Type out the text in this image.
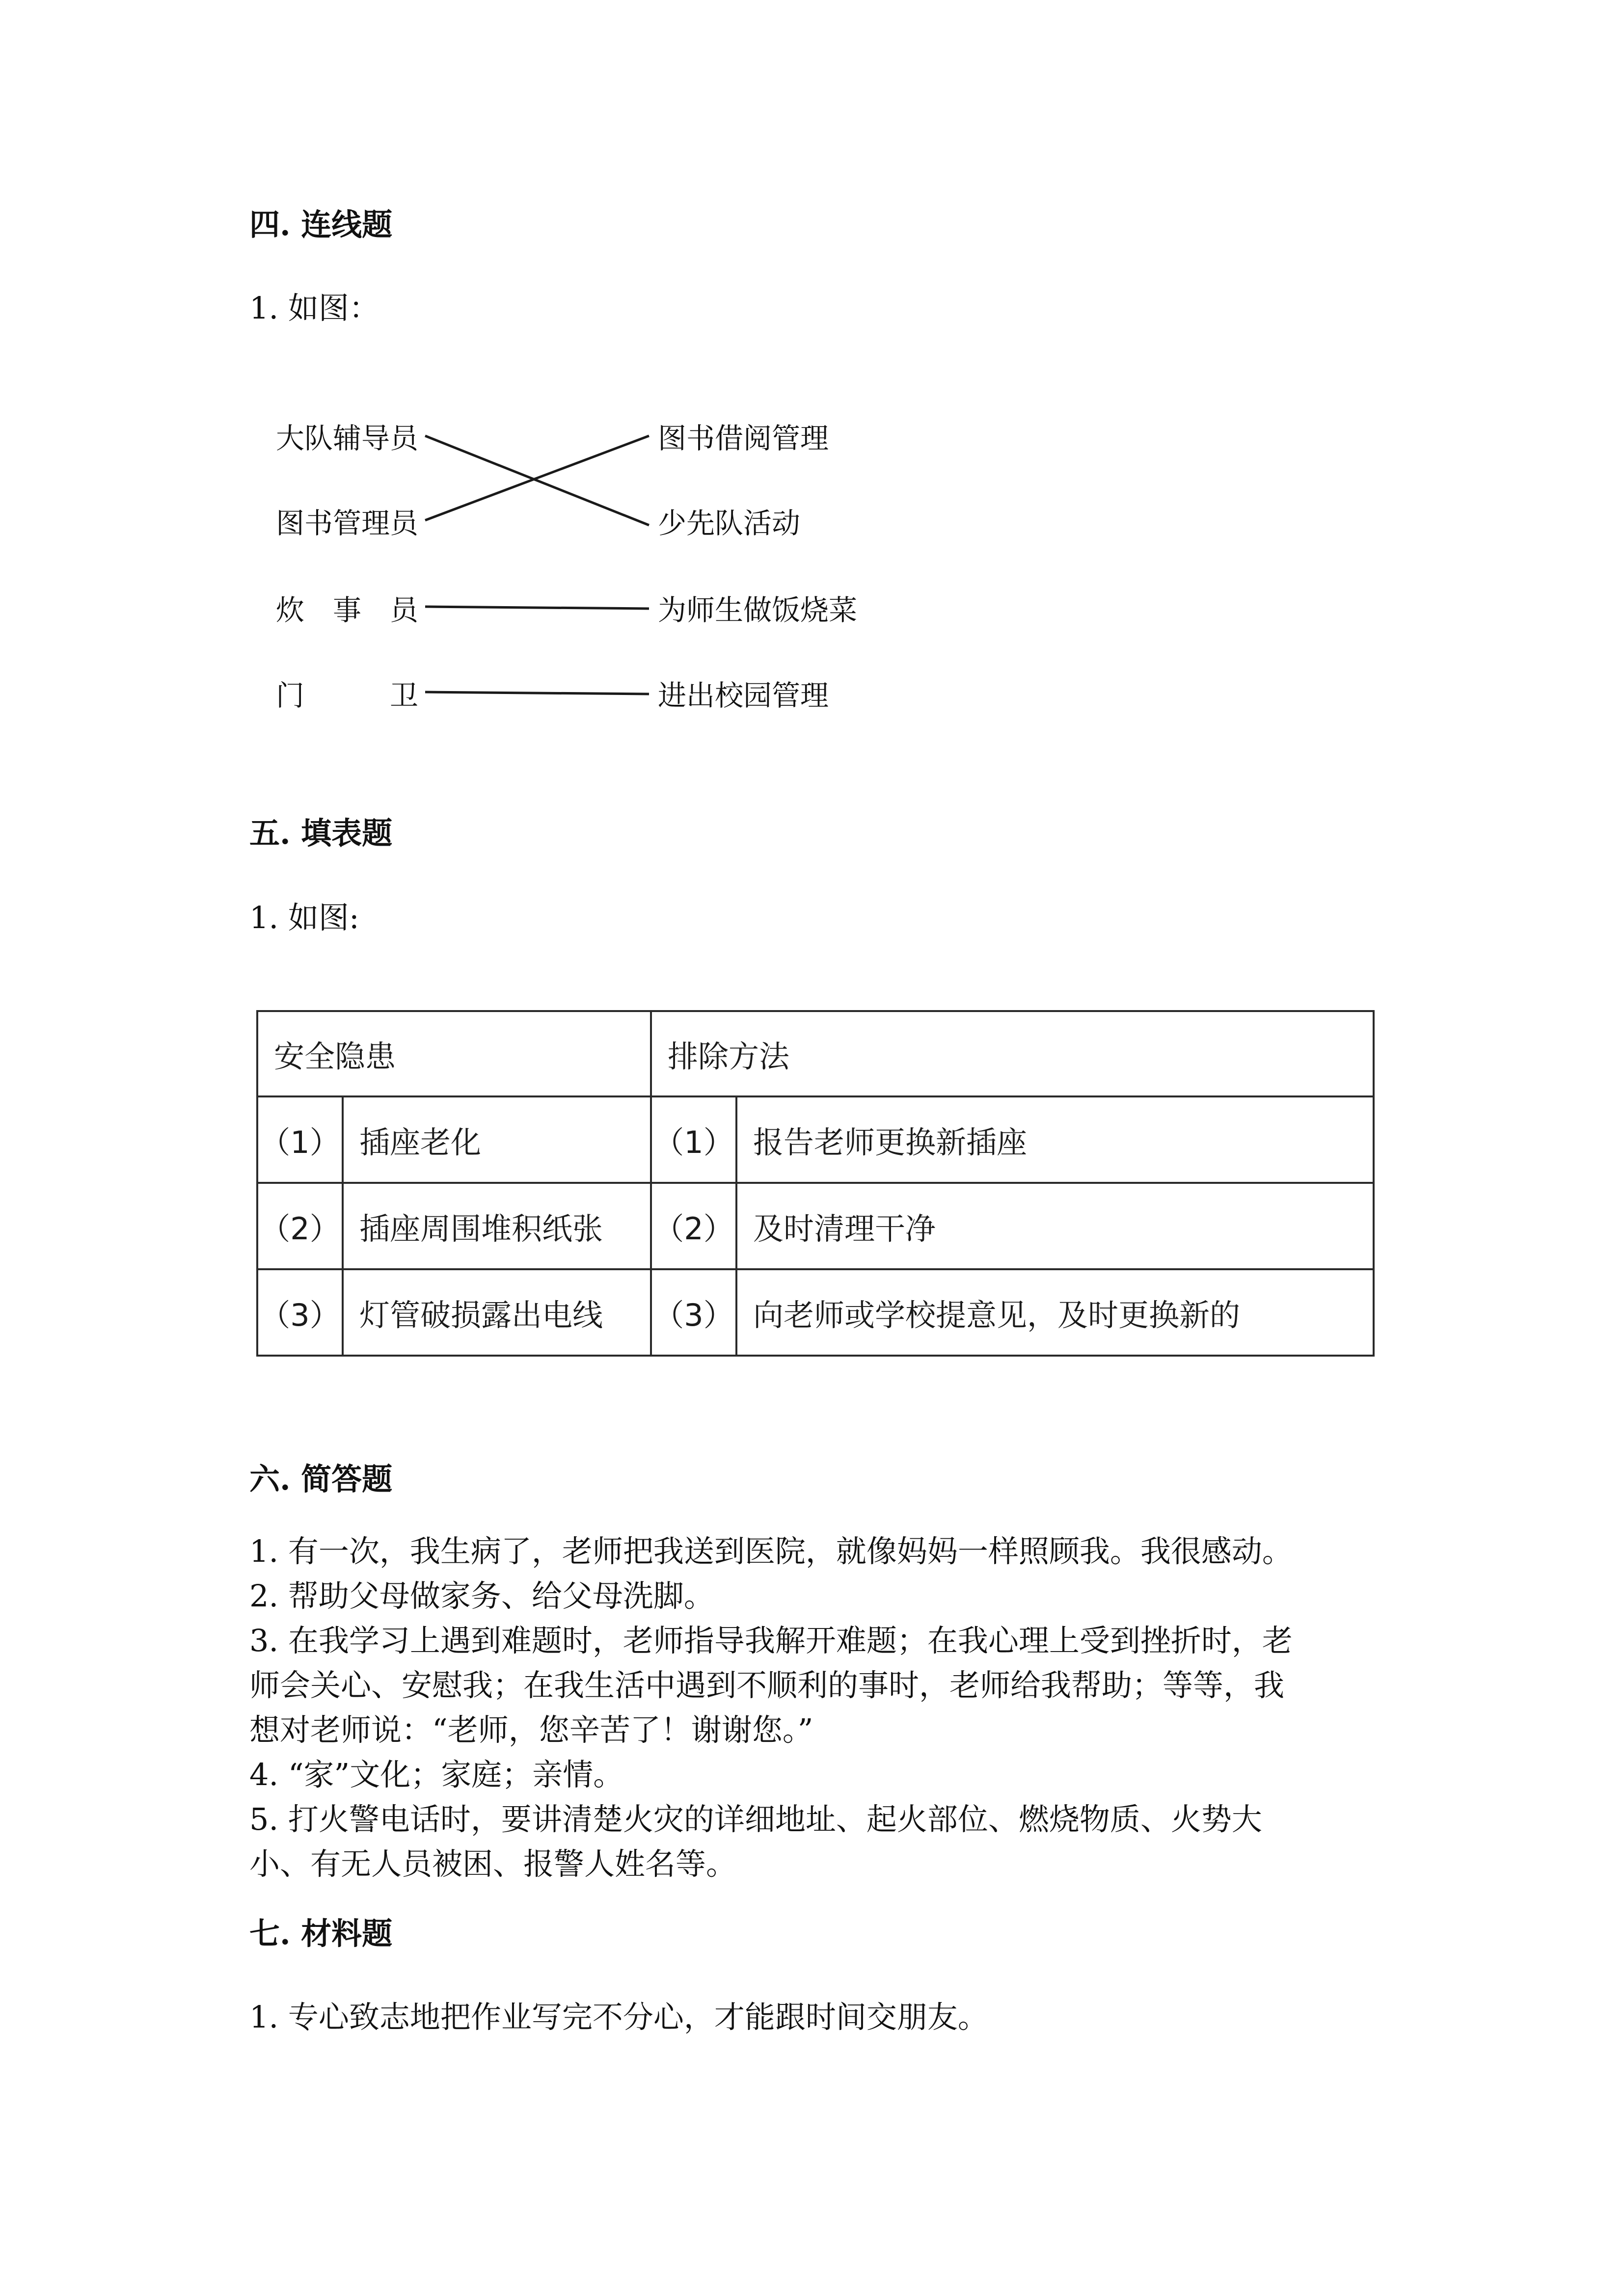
四. 连线题
1. 如图：
大队辅导员
图书管理员
炊　事　员
门　　　卫
图书借阅管理
少先队活动
为师生做饭烧菜
进出校园管理
五. 填表题
1. 如图:
安全隐患		排除方法	
（1）	插座老化	（1）	报告老师更换新插座
（2）	插座周围堆积纸张	（2）	及时清理干净
（3）	灯管破损露出电线	（3）	向老师或学校提意见，及时更换新的
六. 简答题
1. 有一次，我生病了，老师把我送到医院，就像妈妈一样照顾我。我很感动。
2. 帮助父母做家务、给父母洗脚。
3. 在我学习上遇到难题时，老师指导我解开难题；在我心理上受到挫折时，老
师会关心、安慰我；在我生活中遇到不顺利的事时，老师给我帮助；等等，我
想对老师说：“老师，您辛苦了！谢谢您。”
4. “家”文化；家庭；亲情。
5. 打火警电话时，要讲清楚火灾的详细地址、起火部位、燃烧物质、火势大
小、有无人员被困、报警人姓名等。
七. 材料题
1. 专心致志地把作业写完不分心，才能跟时间交朋友。
